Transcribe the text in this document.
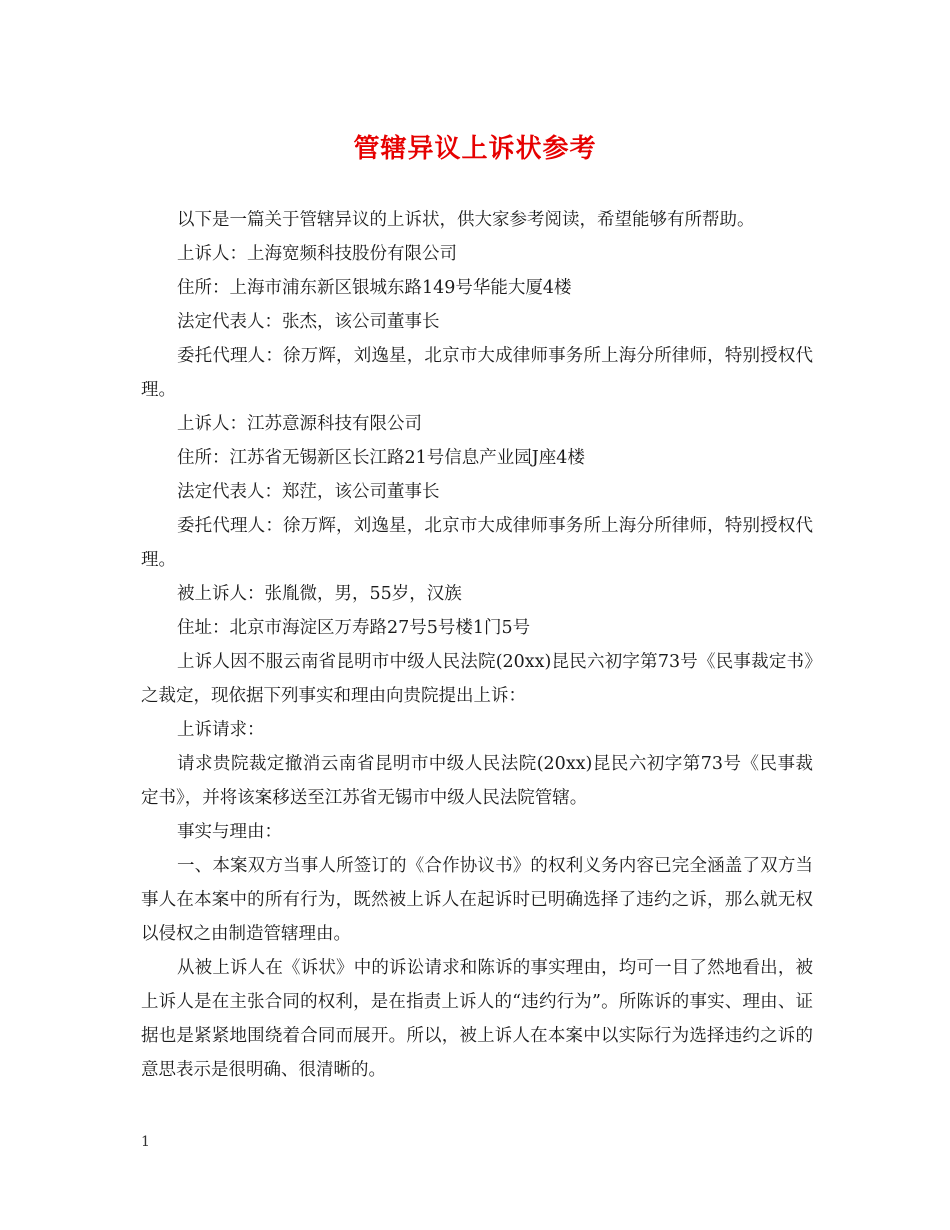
管辖异议上诉状参考

以下是一篇关于管辖异议的上诉状，供大家参考阅读，希望能够有所帮助。

上诉人：上海宽频科技股份有限公司

住所：上海市浦东新区银城东路149号华能大厦4楼

法定代表人：张杰，该公司董事长

委托代理人：徐万辉，刘逸星，北京市大成律师事务所上海分所律师，特别授权代理。

上诉人：江苏意源科技有限公司

住所：江苏省无锡新区长江路21号信息产业园J座4楼

法定代表人：郑茳，该公司董事长

委托代理人：徐万辉，刘逸星，北京市大成律师事务所上海分所律师，特别授权代理。

被上诉人：张胤微，男，55岁，汉族

住址：北京市海淀区万寿路27号5号楼1门5号

上诉人因不服云南省昆明市中级人民法院(20xx)昆民六初字第73号《民事裁定书》之裁定，现依据下列事实和理由向贵院提出上诉：

上诉请求：

请求贵院裁定撤消云南省昆明市中级人民法院(20xx)昆民六初字第73号《民事裁定书》，并将该案移送至江苏省无锡市中级人民法院管辖。

事实与理由：

一、本案双方当事人所签订的《合作协议书》的权利义务内容已完全涵盖了双方当事人在本案中的所有行为，既然被上诉人在起诉时已明确选择了违约之诉，那么就无权以侵权之由制造管辖理由。

从被上诉人在《诉状》中的诉讼请求和陈诉的事实理由，均可一目了然地看出，被上诉人是在主张合同的权利，是在指责上诉人的“违约行为”。所陈诉的事实、理由、证据也是紧紧地围绕着合同而展开。所以，被上诉人在本案中以实际行为选择违约之诉的意思表示是很明确、很清晰的。

1
